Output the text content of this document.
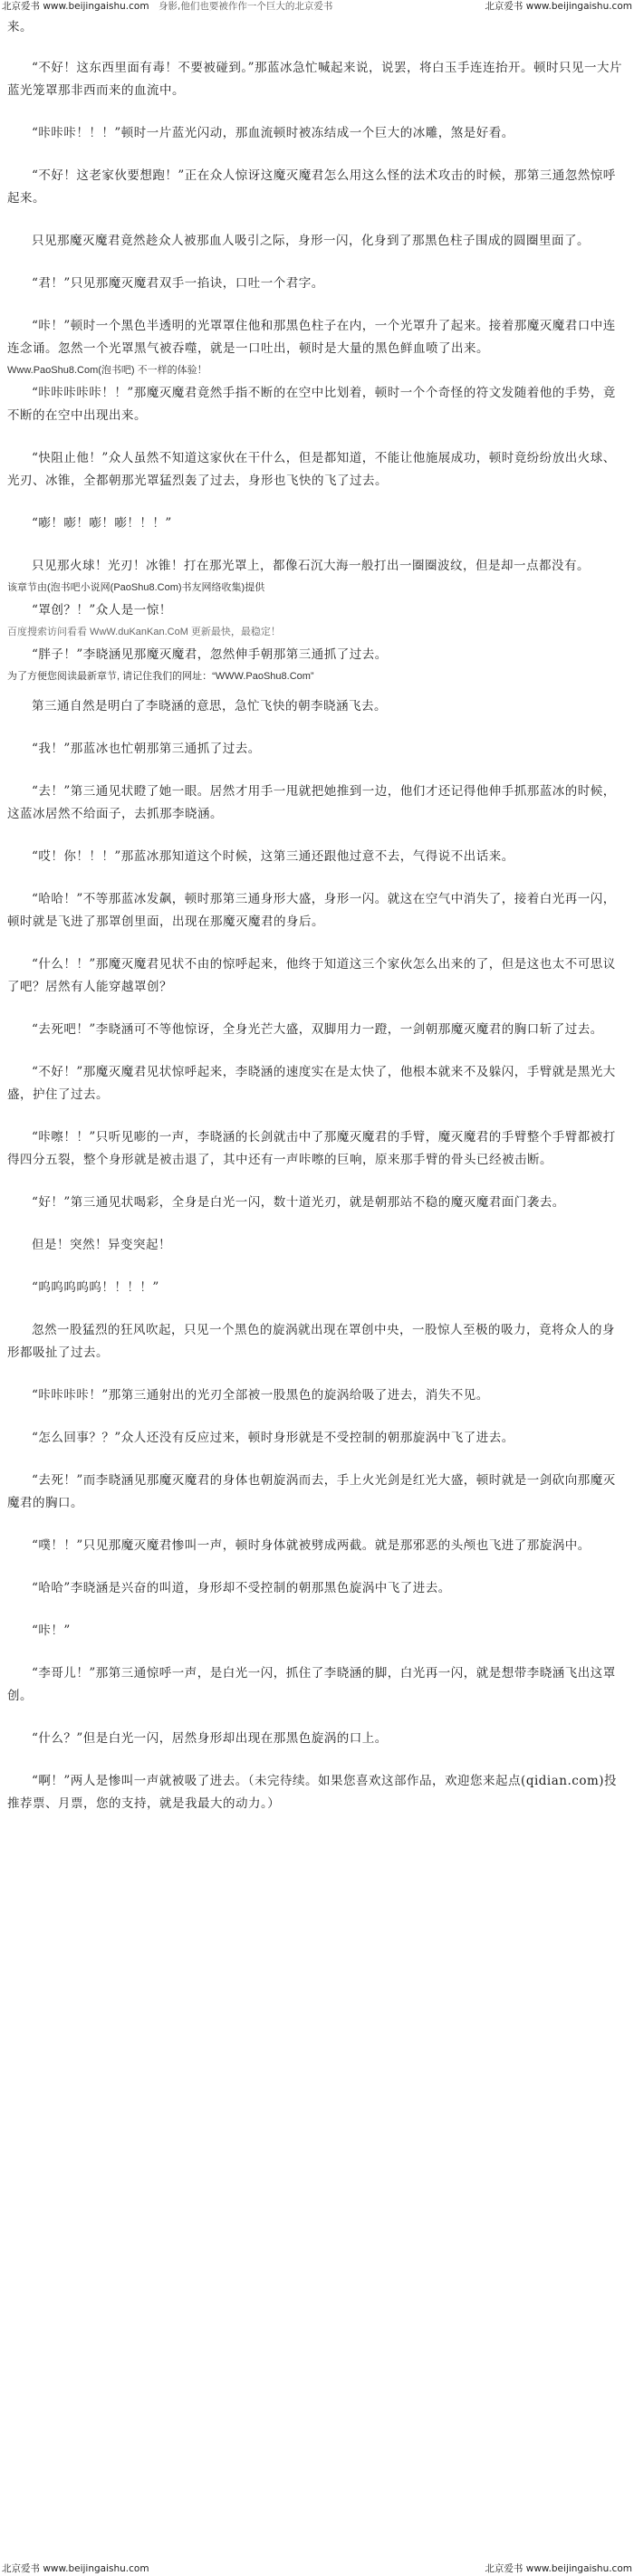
北京爱书 www.beijingaishu.com 身影,他们也要被作作一个巨大的北京爱书	北京爱书 www.beijingaishu.com
来。
“不好！这东西里面有毒！不要被碰到。”那蓝冰急忙喊起来说，说罢，将白玉手连连抬开。顿时只见一大片蓝光笼罩那非西而来的血流中。
“咔咔咔！！！”顿时一片蓝光闪动，那血流顿时被冻结成一个巨大的冰雕，煞是好看。
“不好！这老家伙要想跑！”正在众人惊讶这魔灭魔君怎么用这么怪的法术攻击的时候，那第三通忽然惊呼起来。
只见那魔灭魔君竟然趁众人被那血人吸引之际，身形一闪，化身到了那黑色柱子围成的圆圈里面了。
“君！”只见那魔灭魔君双手一掐诀，口吐一个君字。
“咔！”顿时一个黑色半透明的光罩罩住他和那黑色柱子在内，一个光罩升了起来。接着那魔灭魔君口中连连念诵。忽然一个光罩黑气被吞噬，就是一口吐出，顿时是大量的黑色鲜血喷了出来。
Www.PaoShu8.Com(泡书吧) 不一样的体验！
“咔咔咔咔咔！！”那魔灭魔君竟然手指不断的在空中比划着，顿时一个个奇怪的符文发随着他的手势，竟不断的在空中出现出来。
“快阻止他！”众人虽然不知道这家伙在干什么，但是都知道，不能让他施展成功，顿时竟纷纷放出火球、光刃、冰锥，全都朝那光罩猛烈轰了过去，身形也飞快的飞了过去。
“嘭！嘭！嘭！嘭！！！”
只见那火球！光刃！冰锥！打在那光罩上，都像石沉大海一般打出一圈圈波纹，但是却一点都没有。
该章节由(泡书吧小说网(PaoShu8.Com)书友网络收集)提供
“罩创？！”众人是一惊！
百度搜索访问看看 WwW.duKanKan.CoM 更新最快，最稳定！
“胖子！”李晓涵见那魔灭魔君，忽然伸手朝那第三通抓了过去。
为了方便您阅读最新章节, 请记住我们的网址：“WWW.PaoShu8.Com”
第三通自然是明白了李晓涵的意思，急忙飞快的朝李晓涵飞去。
“我！”那蓝冰也忙朝那第三通抓了过去。
“去！”第三通见状瞪了她一眼。居然才用手一甩就把她推到一边，他们才还记得他伸手抓那蓝冰的时候，这蓝冰居然不给面子，去抓那李晓涵。
“哎！你！！！”那蓝冰那知道这个时候，这第三通还跟他过意不去，气得说不出话来。
“哈哈！”不等那蓝冰发飙，顿时那第三通身形大盛，身形一闪。就这在空气中消失了，接着白光再一闪，顿时就是飞进了那罩创里面，出现在那魔灭魔君的身后。
“什么！！”那魔灭魔君见状不由的惊呼起来，他终于知道这三个家伙怎么出来的了，但是这也太不可思议了吧？居然有人能穿越罩创？
“去死吧！”李晓涵可不等他惊讶，全身光芒大盛，双脚用力一蹬，一剑朝那魔灭魔君的胸口斩了过去。
“不好！”那魔灭魔君见状惊呼起来，李晓涵的速度实在是太快了，他根本就来不及躲闪，手臂就是黑光大盛，护住了过去。
“咔嚓！！”只听见嘭的一声，李晓涵的长剑就击中了那魔灭魔君的手臂，魔灭魔君的手臂整个手臂都被打得四分五裂，整个身形就是被击退了，其中还有一声咔嚓的巨响，原来那手臂的骨头已经被击断。
“好！”第三通见状喝彩，全身是白光一闪，数十道光刃，就是朝那站不稳的魔灭魔君面门袭去。
但是！突然！异变突起！
“呜呜呜呜呜！！！！”
忽然一股猛烈的狂风吹起，只见一个黑色的旋涡就出现在罩创中央，一股惊人至极的吸力，竟将众人的身形都吸扯了过去。
“咔咔咔咔！”那第三通射出的光刃全部被一股黑色的旋涡给吸了进去，消失不见。
“怎么回事？？”众人还没有反应过来，顿时身形就是不受控制的朝那旋涡中飞了进去。
“去死！”而李晓涵见那魔灭魔君的身体也朝旋涡而去，手上火光剑是红光大盛，顿时就是一剑砍向那魔灭魔君的胸口。
“噗！！”只见那魔灭魔君惨叫一声，顿时身体就被劈成两截。就是那邪恶的头颅也飞进了那旋涡中。
“哈哈”李晓涵是兴奋的叫道，身形却不受控制的朝那黑色旋涡中飞了进去。
“咔！”
“李哥儿！”那第三通惊呼一声，是白光一闪，抓住了李晓涵的脚，白光再一闪，就是想带李晓涵飞出这罩创。
“什么？”但是白光一闪，居然身形却出现在那黑色旋涡的口上。
“啊！”两人是惨叫一声就被吸了进去。（未完待续。如果您喜欢这部作品，欢迎您来起点(qidian.com)投推荐票、月票，您的支持，就是我最大的动力。）
北京爱书 www.beijingaishu.com	北京爱书 www.beijingaishu.com
